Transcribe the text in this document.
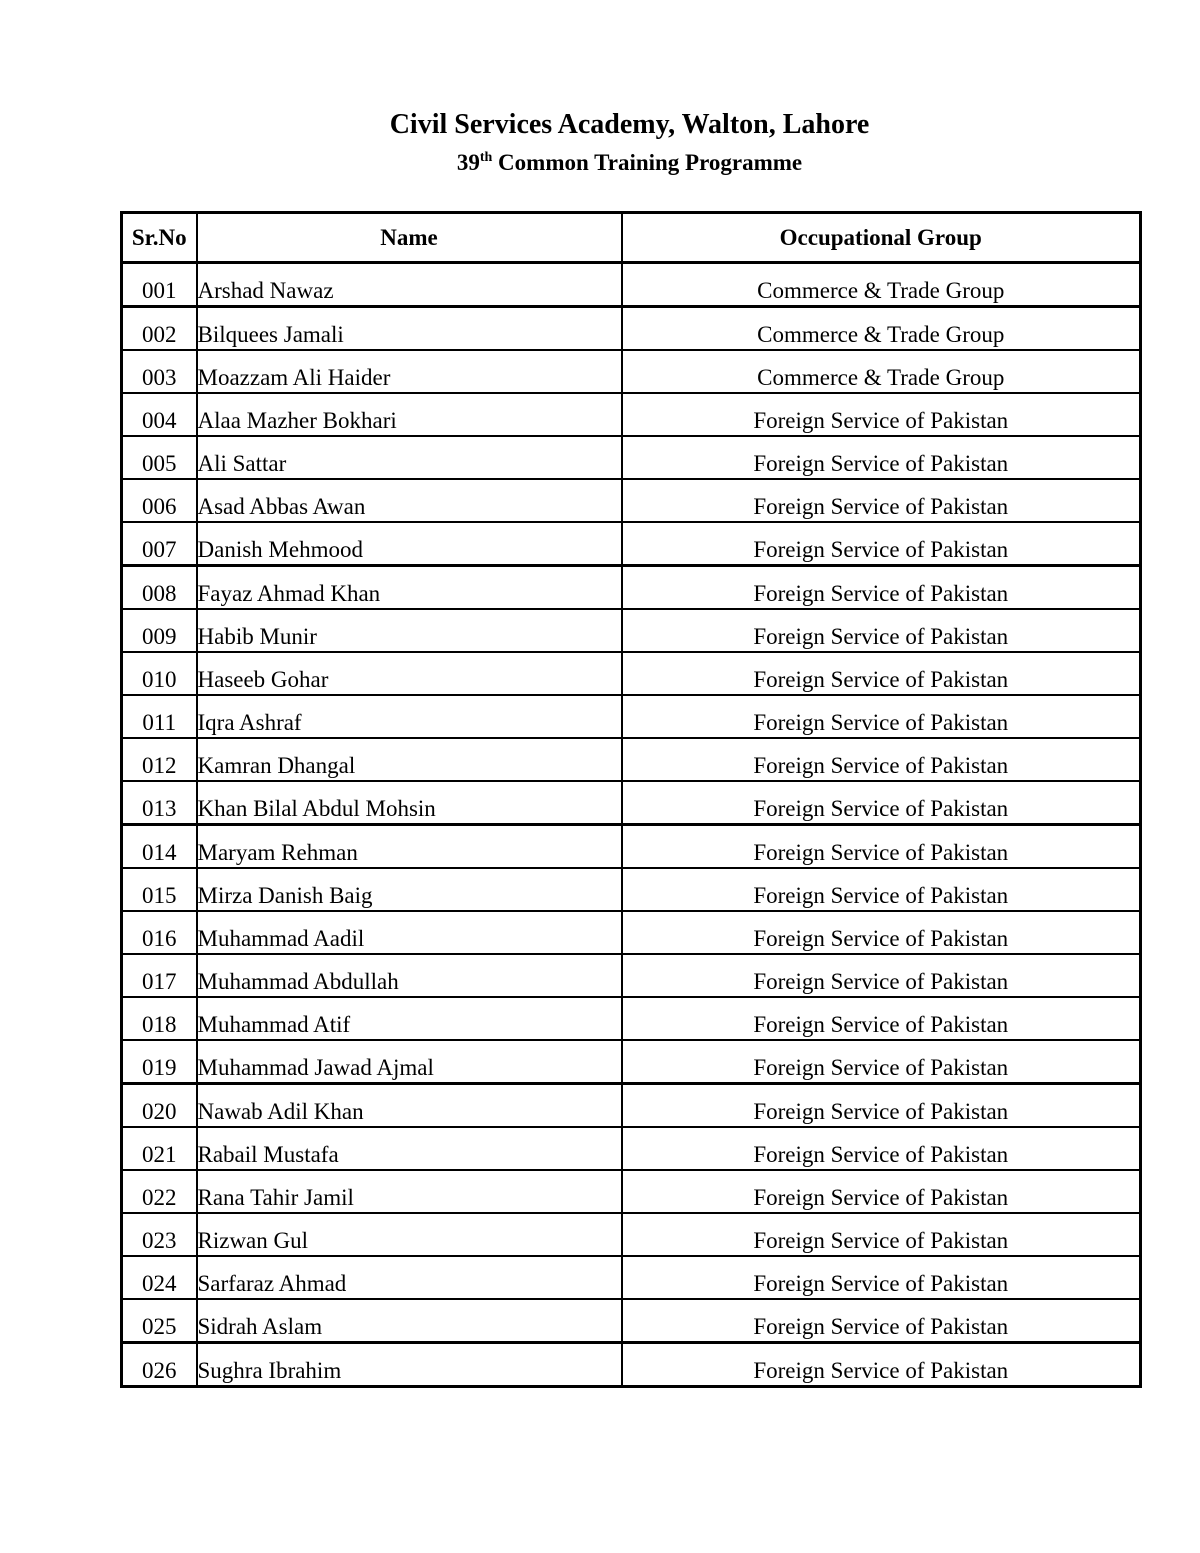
Civil Services Academy, Walton, Lahore
39th Common Training Programme
Sr.No	Name	Occupational Group
001	Arshad Nawaz	Commerce & Trade Group
002	Bilquees Jamali	Commerce & Trade Group
003	Moazzam Ali Haider	Commerce & Trade Group
004	Alaa Mazher Bokhari	Foreign Service of Pakistan
005	Ali Sattar	Foreign Service of Pakistan
006	Asad Abbas Awan	Foreign Service of Pakistan
007	Danish Mehmood	Foreign Service of Pakistan
008	Fayaz Ahmad Khan	Foreign Service of Pakistan
009	Habib Munir	Foreign Service of Pakistan
010	Haseeb Gohar	Foreign Service of Pakistan
011	Iqra Ashraf	Foreign Service of Pakistan
012	Kamran Dhangal	Foreign Service of Pakistan
013	Khan Bilal Abdul Mohsin	Foreign Service of Pakistan
014	Maryam Rehman	Foreign Service of Pakistan
015	Mirza Danish Baig	Foreign Service of Pakistan
016	Muhammad Aadil	Foreign Service of Pakistan
017	Muhammad Abdullah	Foreign Service of Pakistan
018	Muhammad Atif	Foreign Service of Pakistan
019	Muhammad Jawad Ajmal	Foreign Service of Pakistan
020	Nawab Adil Khan	Foreign Service of Pakistan
021	Rabail Mustafa	Foreign Service of Pakistan
022	Rana Tahir Jamil	Foreign Service of Pakistan
023	Rizwan Gul	Foreign Service of Pakistan
024	Sarfaraz Ahmad	Foreign Service of Pakistan
025	Sidrah Aslam	Foreign Service of Pakistan
026	Sughra Ibrahim	Foreign Service of Pakistan
